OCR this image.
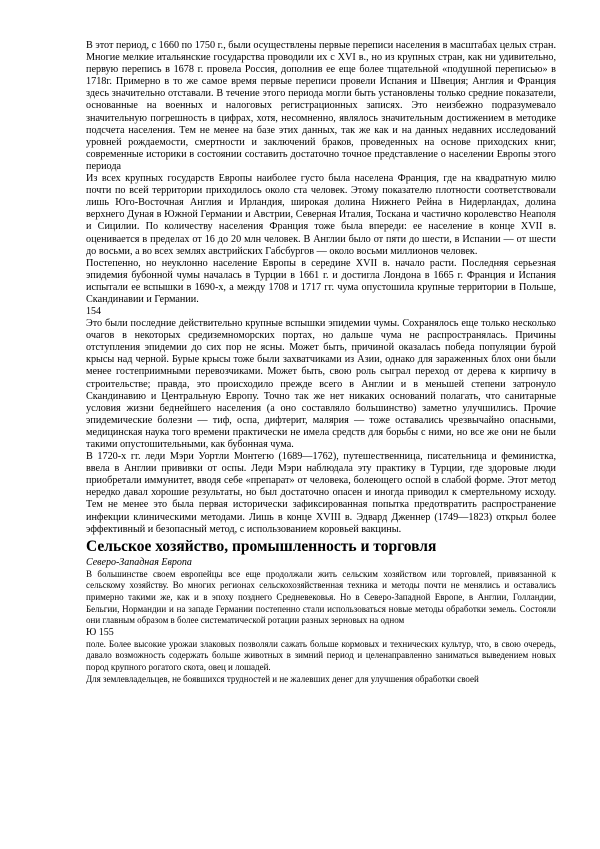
В этот период, с 1660 по 1750 г., были осуществлены первые переписи населения в масштабах целых стран. Многие мелкие итальянские государства проводили их с XVI в., но из крупных стран, как ни удивительно, первую перепись в 1678 г. провела Россия, дополнив ее еще более тщательной «подушной переписью» в 1718г. Примерно в то же самое время первые переписи провели Испания и Швеция; Англия и Франция здесь значительно отставали. В течение этого периода могли быть установлены только средние показатели, основанные на военных и налоговых регистрационных записях. Это неизбежно подразумевало значительную погрешность в цифрах, хотя, несомненно, являлось значительным достижением в методике подсчета населения. Тем не менее на базе этих данных, так же как и на данных недавних исследований уровней рождаемости, смертности и заключений браков, проведенных на основе приходских книг, современные историки в состоянии составить достаточно точное представление о населении Европы этого периода

Из всех крупных государств Европы наиболее густо была населена Франция, где на квадратную милю почти по всей территории приходилось около ста человек. Этому показателю плотности соответствовали лишь Юго-Восточная Англия и Ирландия, широкая долина Нижнего Рейна в Нидерландах, долина верхнего Дуная в Южной Германии и Австрии, Северная Италия, Тоскана и частично королевство Неаполя и Сицилии. По количеству населения Франция тоже была впереди: ее население в конце XVII в. оценивается в пределах от 16 до 20 млн человек. В Англии было от пяти до шести, в Испании — от шести до восьми, а во всех землях австрийских Габсбургов — около восьми миллионов человек.

Постепенно, но неуклонно население Европы в середине XVII в. начало расти. Последняя серьезная эпидемия бубонной чумы началась в Турции в 1661 г. и достигла Лондона в 1665 г. Франция и Испания испытали ее вспышки в 1690-х, а между 1708 и 1717 гг. чума опустошила крупные территории в Польше, Скандинавии и Германии.

154

Это были последние действительно крупные вспышки эпидемии чумы. Сохранялось еще только несколько очагов в некоторых средиземноморских портах, но дальше чума не распространялась. Причины отступления эпидемии до сих пор не ясны. Может быть, причиной оказалась победа популяции бурой крысы над черной. Бурые крысы тоже были захватчиками из Азии, однако для зараженных блох они были менее гостеприимными перевозчиками. Может быть, свою роль сыграл переход от дерева к кирпичу в строительстве; правда, это происходило прежде всего в Англии и в меньшей степени затронуло Скандинавию и Центральную Европу. Точно так же нет никаких оснований полагать, что санитарные условия жизни беднейшего населения (а оно составляло большинство) заметно улучшились. Прочие эпидемические болезни — тиф, оспа, дифтерит, малярия — тоже оставались чрезвычайно опасными, медицинская наука того времени практически не имела средств для борьбы с ними, но все же они не были такими опустошительными, как бубонная чума.

В 1720-х гг. леди Мэри Уортли Монтегю (1689—1762), путешественница, писательница и феминистка, ввела в Англии прививки от оспы. Леди Мэри наблюдала эту практику в Турции, где здоровые люди приобретали иммунитет, вводя себе «препарат» от человека, болеющего оспой в слабой форме. Этот метод нередко давал хорошие результаты, но был достаточно опасен и иногда приводил к смертельному исходу. Тем не менее это была первая исторически зафиксированная попытка предотвратить распространение инфекции клиническими методами. Лишь в конце XVIII в. Эдвард Дженнер (1749—1823) открыл более эффективный и безопасный метод, с использованием коровьей вакцины.

Сельское хозяйство, промышленность и торговля

Северо-Западная Европа

В большинстве своем европейцы все еще продолжали жить сельским хозяйством или торговлей, привязанной к сельскому хозяйству. Во многих регионах сельскохозяйственная техника и методы почти не менялись и оставались примерно такими же, как и в эпоху позднего Средневековья. Но в Северо-Западной Европе, в Англии, Голландии, Бельгии, Нормандии и на западе Германии постепенно стали использоваться новые методы обработки земель. Состояли они главным образом в более систематической ротации разных зерновых на одном

Ю 155

поле. Более высокие урожаи злаковых позволяли сажать больше кормовых и технических культур, что, в свою очередь, давало возможность содержать больше животных в зимний период и целенаправленно заниматься выведением новых пород крупного рогатого скота, овец и лошадей.

Для землевладельцев, не боявшихся трудностей и не жалевших денег для улучшения обработки своей
